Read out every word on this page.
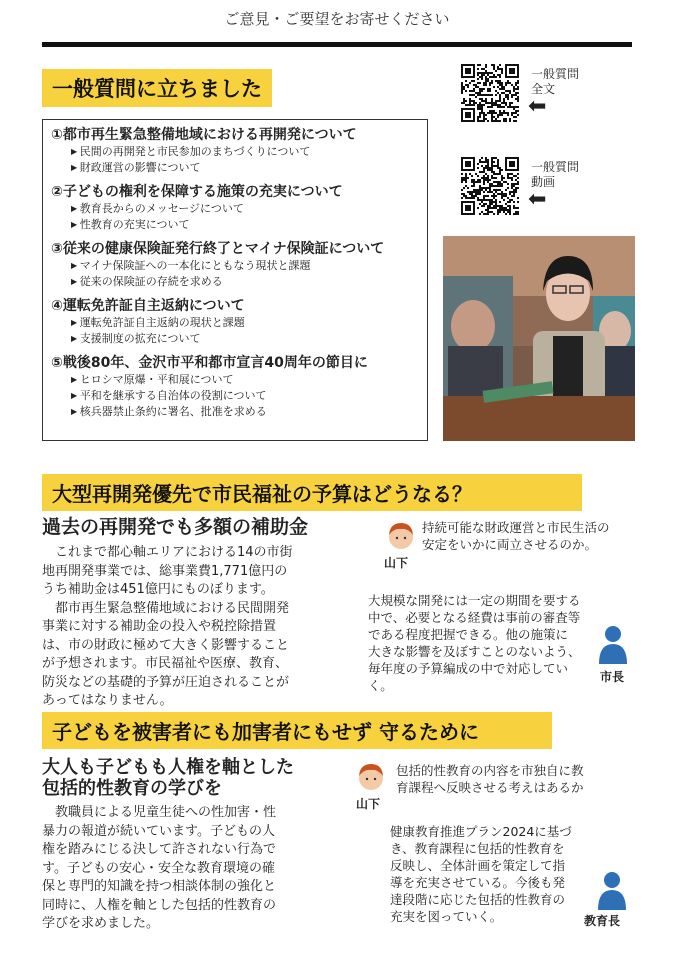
ご意見・ご要望をお寄せください
一般質問に立ちました
①都市再生緊急整備地域における再開発について
▶ 民間の再開発と市民参加のまちづくりについて
▶ 財政運営の影響について
②子どもの権利を保障する施策の充実について
▶ 教育長からのメッセージについて
▶ 性教育の充実について
③従来の健康保険証発行終了とマイナ保険証について
▶ マイナ保険証への一本化にともなう現状と課題
▶ 従来の保険証の存続を求める
④運転免許証自主返納について
▶ 運転免許証自主返納の現状と課題
▶ 支援制度の拡充について
⑤戦後80年、金沢市平和都市宣言40周年の節目に
▶ ヒロシマ原爆・平和展について
▶ 平和を継承する自治体の役割について
▶ 核兵器禁止条約に署名、批准を求める
一般質問
全文
⬅
一般質問
動画
⬅
大型再開発優先で市民福祉の予算はどうなる？
過去の再開発でも多額の補助金
　これまで都心軸エリアにおける14の市街
地再開発事業では、総事業費1,771億円の
うち補助金は451億円にものぼります。
　都市再生緊急整備地域における民間開発
事業に対する補助金の投入や税控除措置
は、市の財政に極めて大きく影響すること
が予想されます。市民福祉や医療、教育、
防災などの基礎的予算が圧迫されることが
あってはなりません。
山下
持続可能な財政運営と市民生活の
安定をいかに両立させるのか。
大規模な開発には一定の期間を要する
中で、必要となる経費は事前の審査等
である程度把握できる。他の施策に
大きな影響を及ぼすことのないよう、
毎年度の予算編成の中で対応してい
く。
市長
子どもを被害者にも加害者にもせず 守るために
大人も子どもも人権を軸とした
包括的性教育の学びを
　教職員による児童生徒への性加害・性
暴力の報道が続いています。子どもの人
権を踏みにじる決して許されない行為で
す。子どもの安心・安全な教育環境の確
保と専門的知識を持つ相談体制の強化と
同時に、人権を軸とした包括的性教育の
学びを求めました。
山下
包括的性教育の内容を市独自に教
育課程へ反映させる考えはあるか
健康教育推進プラン2024に基づ
き、教育課程に包括的性教育を
反映し、全体計画を策定して指
導を充実させている。今後も発
達段階に応じた包括的性教育の
充実を図っていく。	教育長
